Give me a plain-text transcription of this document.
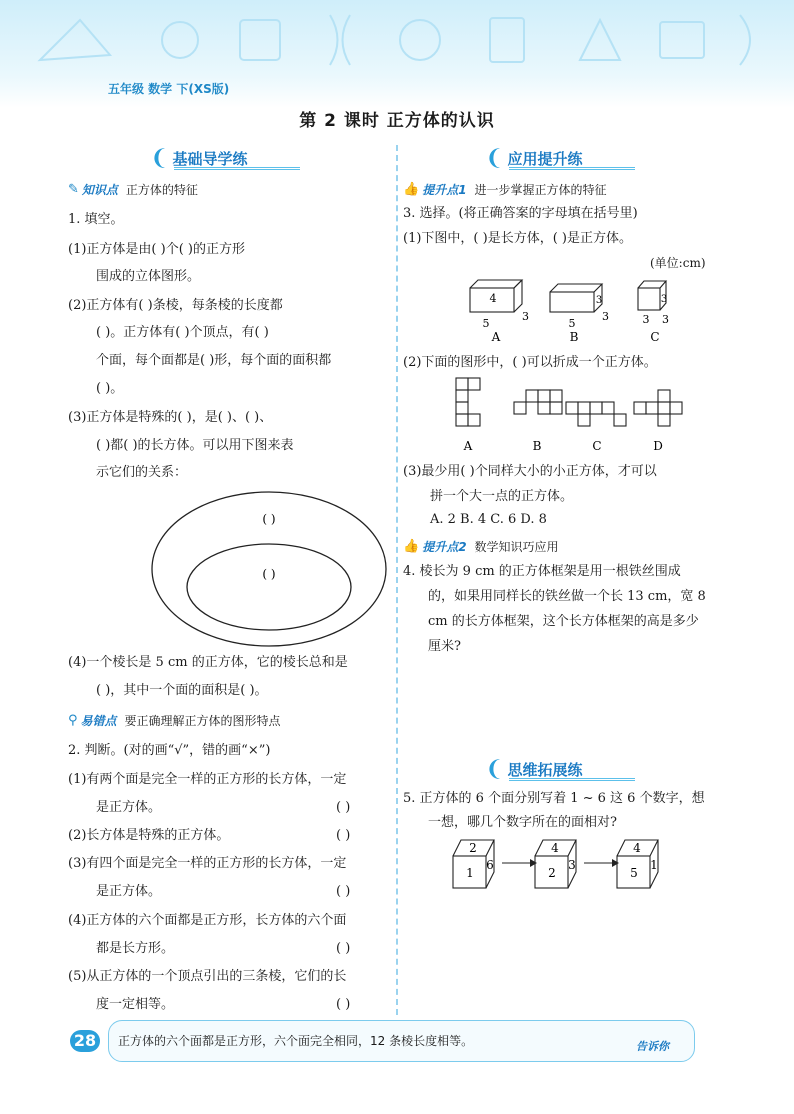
五年级 数学 下(XS版)
第 2 课时 正方体的认识
❨ 基础导学练
✎ 知识点 正方体的特征
1. 填空。
(1)正方体是由( )个( )的正方形
围成的立体图形。
(2)正方体有( )条棱，每条棱的长度都
( )。正方体有( )个顶点，有( )
个面，每个面都是( )形，每个面的面积都
( )。
(3)正方体是特殊的( )，是( )、( )、
( )都( )的长方体。可以用下图来表
示它们的关系：
( )
( )
(4)一个棱长是 5 cm 的正方体，它的棱长总和是
( )，其中一个面的面积是( )。
⚲ 易错点 要正确理解正方体的图形特点
2. 判断。(对的画“√”，错的画“×”)
(1)有两个面是完全一样的正方形的长方体，一定
是正方体。	( )
(2)长方体是特殊的正方体。	( )
(3)有四个面是完全一样的正方形的长方体，一定
是正方体。	( )
(4)正方体的六个面都是正方形，长方体的六个面
都是长方形。	( )
(5)从正方体的一个顶点引出的三条棱，它们的长
度一定相等。	( )
❨ 应用提升练
👍 提升点1 进一步掌握正方体的特征
3. 选择。(将正确答案的字母填在括号里)
(1)下图中，( )是长方体，( )是正方体。
(单位:cm)
4
5
3
A
3
5
3
B
3
3 3
C
(2)下面的图形中，( )可以折成一个正方体。
A	B	C	D
(3)最少用( )个同样大小的小正方体，才可以
拼一个大一点的正方体。
A. 2 B. 4 C. 6 D. 8
👍 提升点2 数学知识巧应用
4. 棱长为 9 cm 的正方体框架是用一根铁丝围成
的，如果用同样长的铁丝做一个长 13 cm，宽 8
cm 的长方体框架，这个长方体框架的高是多少
厘米?
❨ 思维拓展练
5. 正方体的 6 个面分别写着 1 ~ 6 这 6 个数字，想
一想，哪几个数字所在的面相对?
2
1
6
4
2
3
4
5
1
28	正方体的六个面都是正方形，六个面完全相同，12 条棱长度相等。	告诉你
